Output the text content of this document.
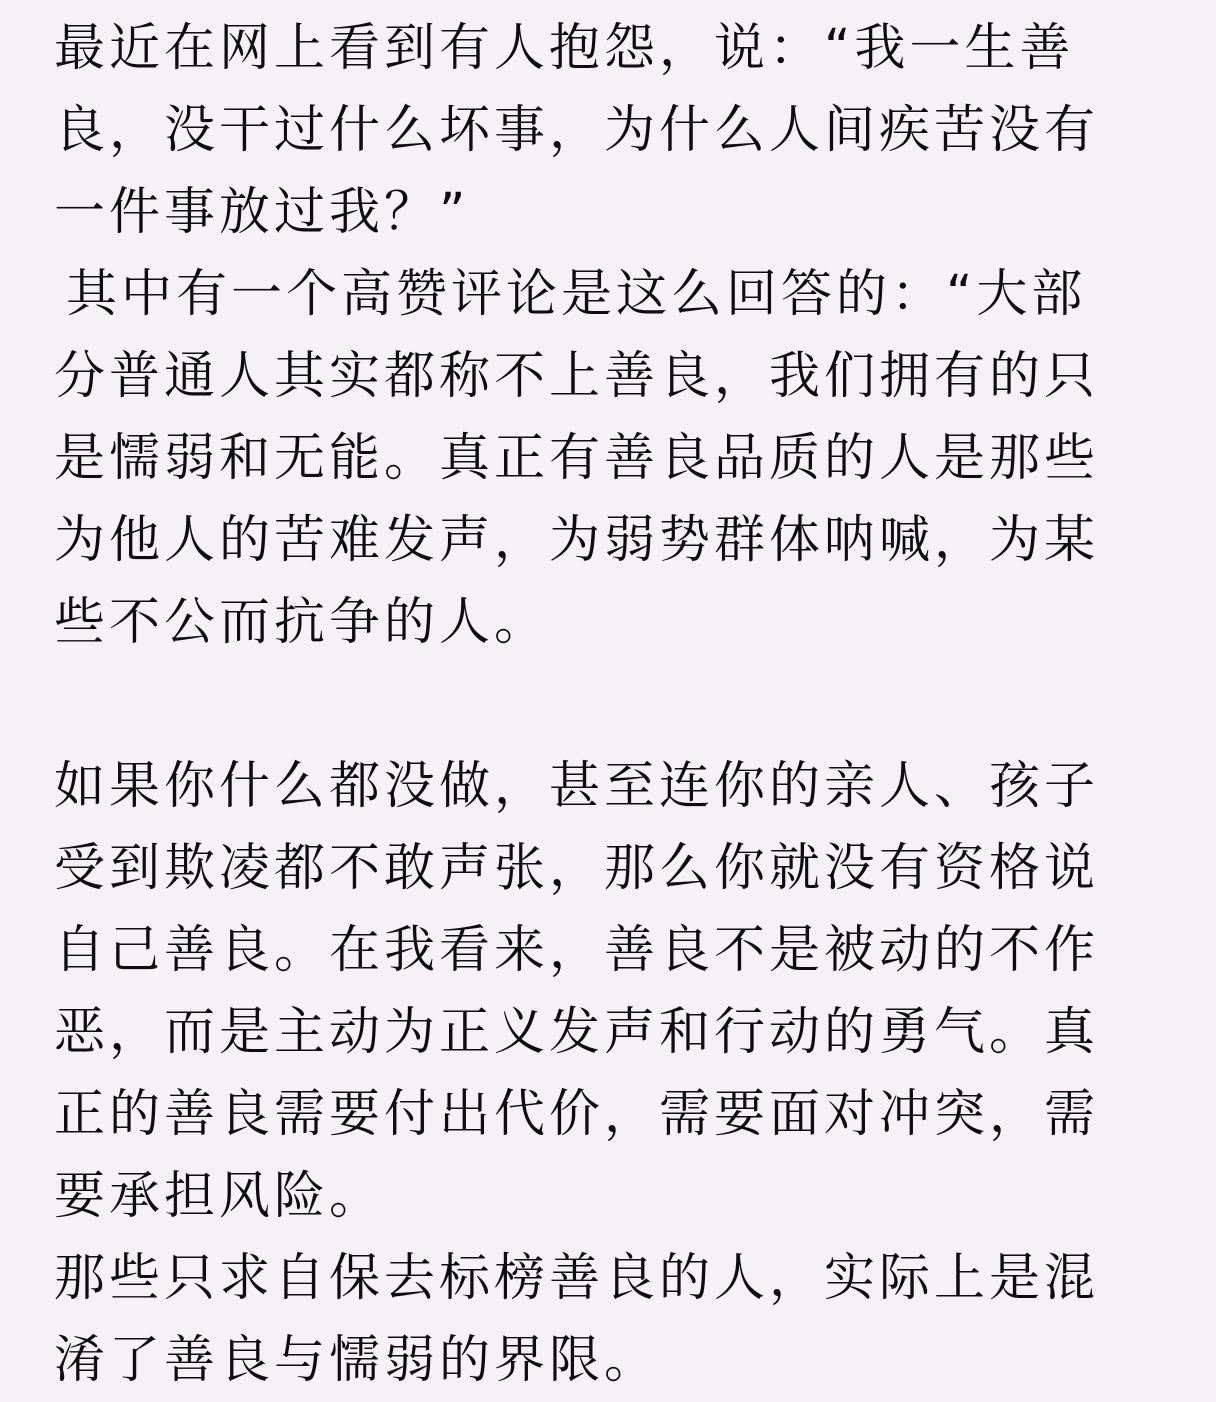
最近在网上看到有人抱怨，说：“我一生善
良，没干过什么坏事，为什么人间疾苦没有
一件事放过我？”

其中有一个高赞评论是这么回答的：“大部
分普通人其实都称不上善良，我们拥有的只
是懦弱和无能。真正有善良品质的人是那些
为他人的苦难发声，为弱势群体呐喊，为某
些不公而抗争的人。

如果你什么都没做，甚至连你的亲人、孩子
受到欺凌都不敢声张，那么你就没有资格说
自己善良。在我看来，善良不是被动的不作
恶，而是主动为正义发声和行动的勇气。真
正的善良需要付出代价，需要面对冲突，需
要承担风险。

那些只求自保去标榜善良的人，实际上是混
淆了善良与懦弱的界限。
